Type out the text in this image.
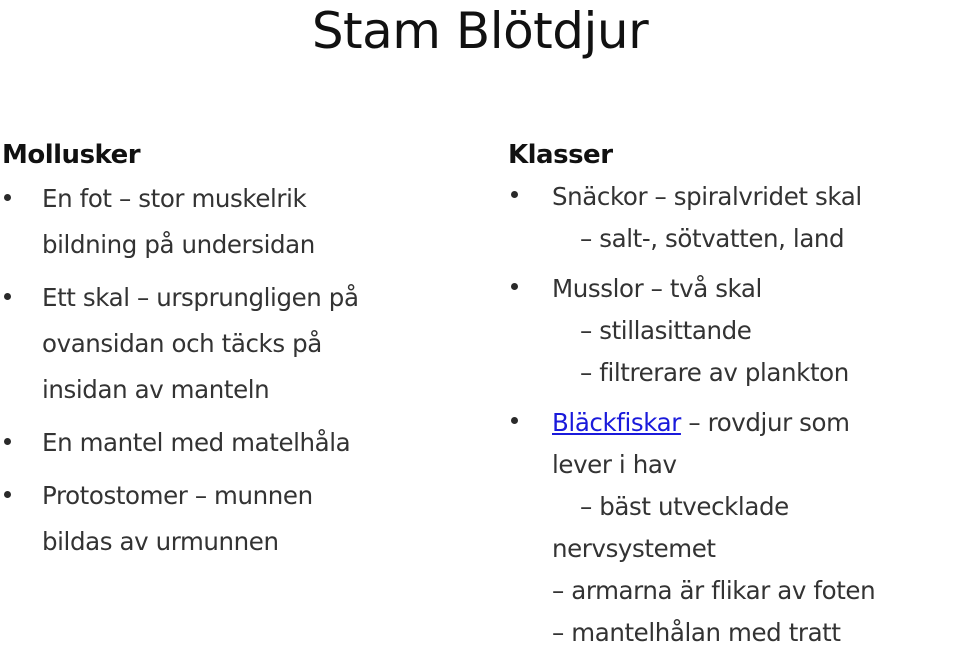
Stam Blötdjur
Mollusker
En fot – stor muskelrik
bildning på undersidan
Ett skal – ursprungligen på
ovansidan och täcks på
insidan av manteln
En mantel med matelhåla
Protostomer – munnen
bildas av urmunnen
Klasser
Snäckor – spiralvridet skal
– salt-, sötvatten, land
Musslor – två skal
– stillasittande
– filtrerare av plankton
Bläckfiskar – rovdjur som
lever i hav
– bäst utvecklade
nervsystemet
– armarna är flikar av foten
– mantelhålan med tratt
